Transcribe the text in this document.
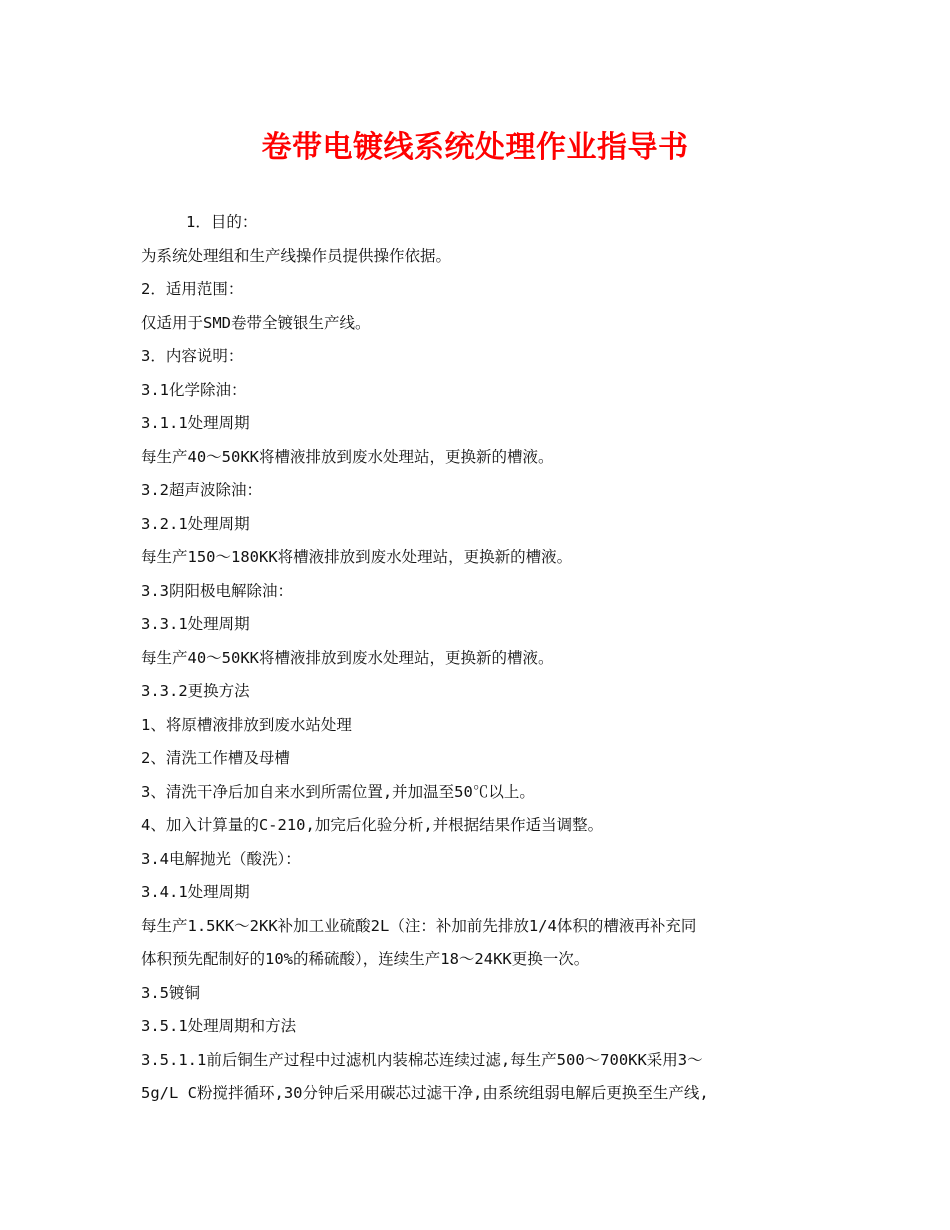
卷带电镀线系统处理作业指导书
1．目的：
为系统处理组和生产线操作员提供操作依据。
2．适用范围：
仅适用于SMD卷带全镀银生产线。
3．内容说明：
3.1化学除油：
3.1.1处理周期
每生产40～50KK将槽液排放到废水处理站，更换新的槽液。
3.2超声波除油：
3.2.1处理周期
每生产150～180KK将槽液排放到废水处理站，更换新的槽液。
3.3阴阳极电解除油：
3.3.1处理周期
每生产40～50KK将槽液排放到废水处理站，更换新的槽液。
3.3.2更换方法
1、将原槽液排放到废水站处理
2、清洗工作槽及母槽
3、清洗干净后加自来水到所需位置,并加温至50℃以上。
4、加入计算量的C-210,加完后化验分析,并根据结果作适当调整。
3.4电解抛光（酸洗）：
3.4.1处理周期
每生产1.5KK～2KK补加工业硫酸2L（注：补加前先排放1/4体积的槽液再补充同
体积预先配制好的10%的稀硫酸），连续生产18～24KK更换一次。
3.5镀铜
3.5.1处理周期和方法
3.5.1.1前后铜生产过程中过滤机内装棉芯连续过滤,每生产500～700KK采用3～
5g/L C粉搅拌循环,30分钟后采用碳芯过滤干净,由系统组弱电解后更换至生产线,
